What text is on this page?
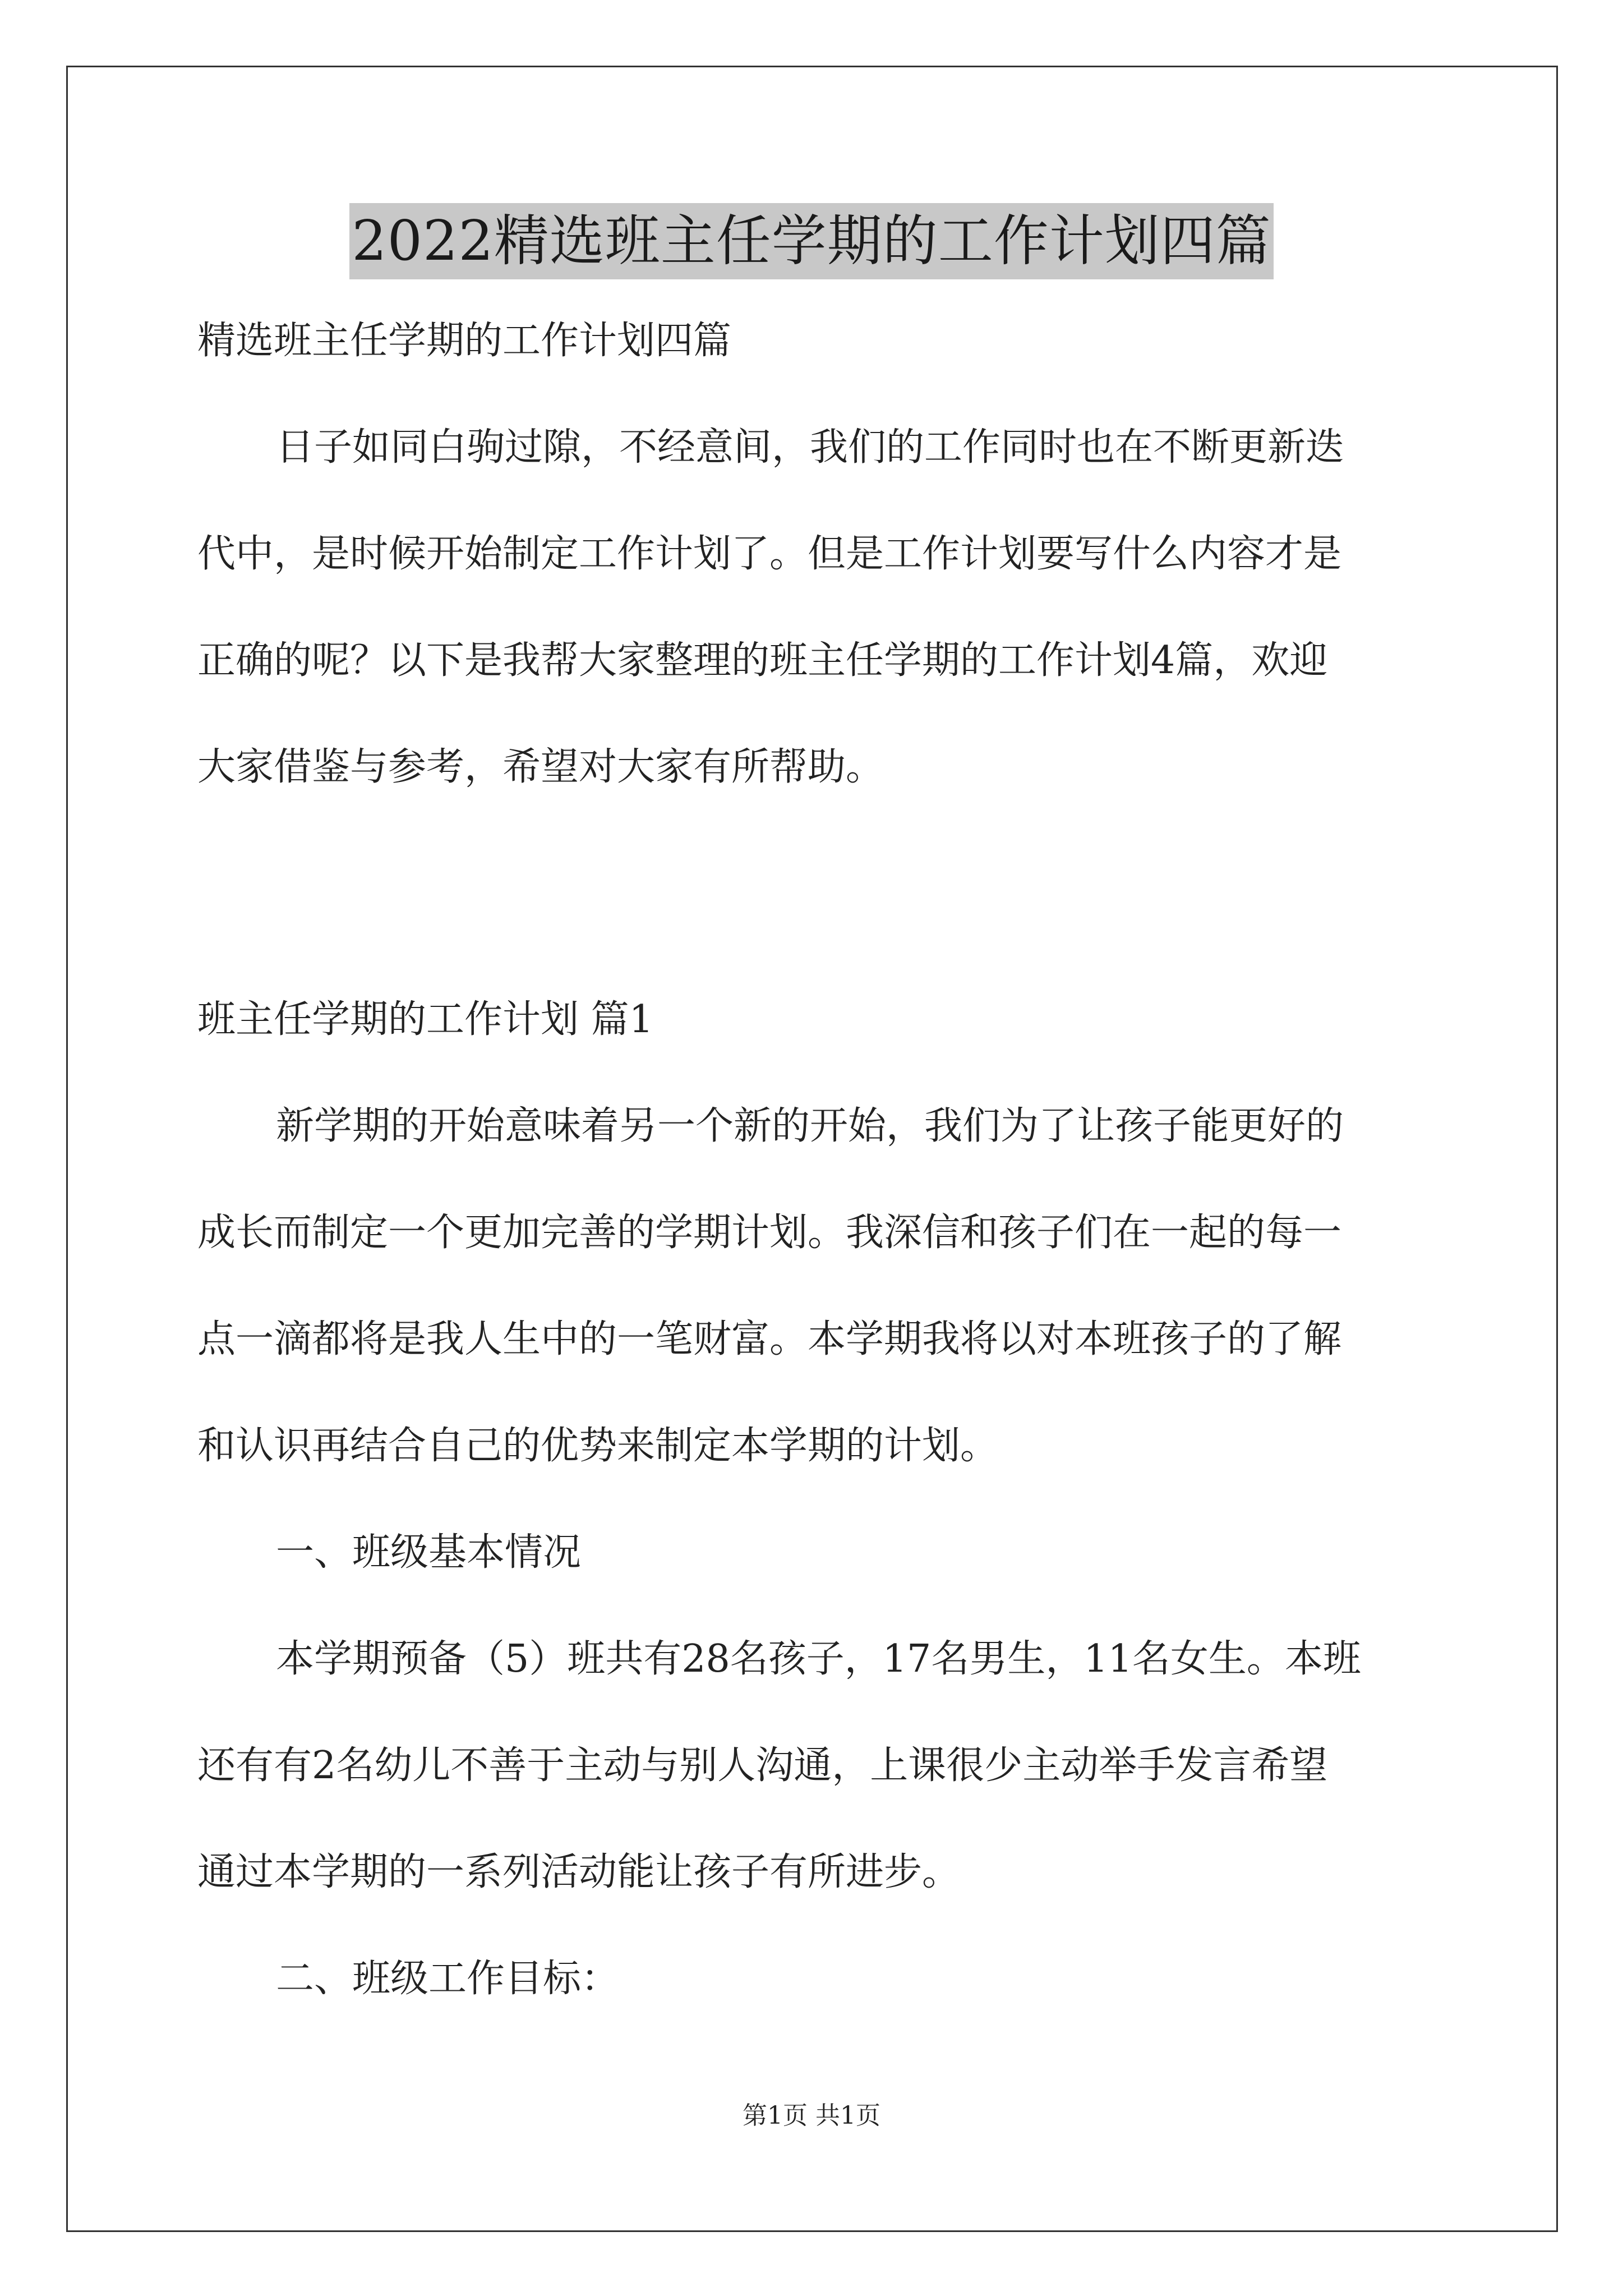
2022精选班主任学期的工作计划四篇
精选班主任学期的工作计划四篇
日子如同白驹过隙，不经意间，我们的工作同时也在不断更新迭
代中，是时候开始制定工作计划了。但是工作计划要写什么内容才是
正确的呢？以下是我帮大家整理的班主任学期的工作计划4篇，欢迎
大家借鉴与参考，希望对大家有所帮助。
班主任学期的工作计划 篇1
新学期的开始意味着另一个新的开始，我们为了让孩子能更好的
成长而制定一个更加完善的学期计划。我深信和孩子们在一起的每一
点一滴都将是我人生中的一笔财富。本学期我将以对本班孩子的了解
和认识再结合自己的优势来制定本学期的计划。
一、班级基本情况
本学期预备（5）班共有28名孩子，17名男生，11名女生。本班
还有有2名幼儿不善于主动与别人沟通，上课很少主动举手发言希望
通过本学期的一系列活动能让孩子有所进步。
二、班级工作目标：
第1页 共1页
